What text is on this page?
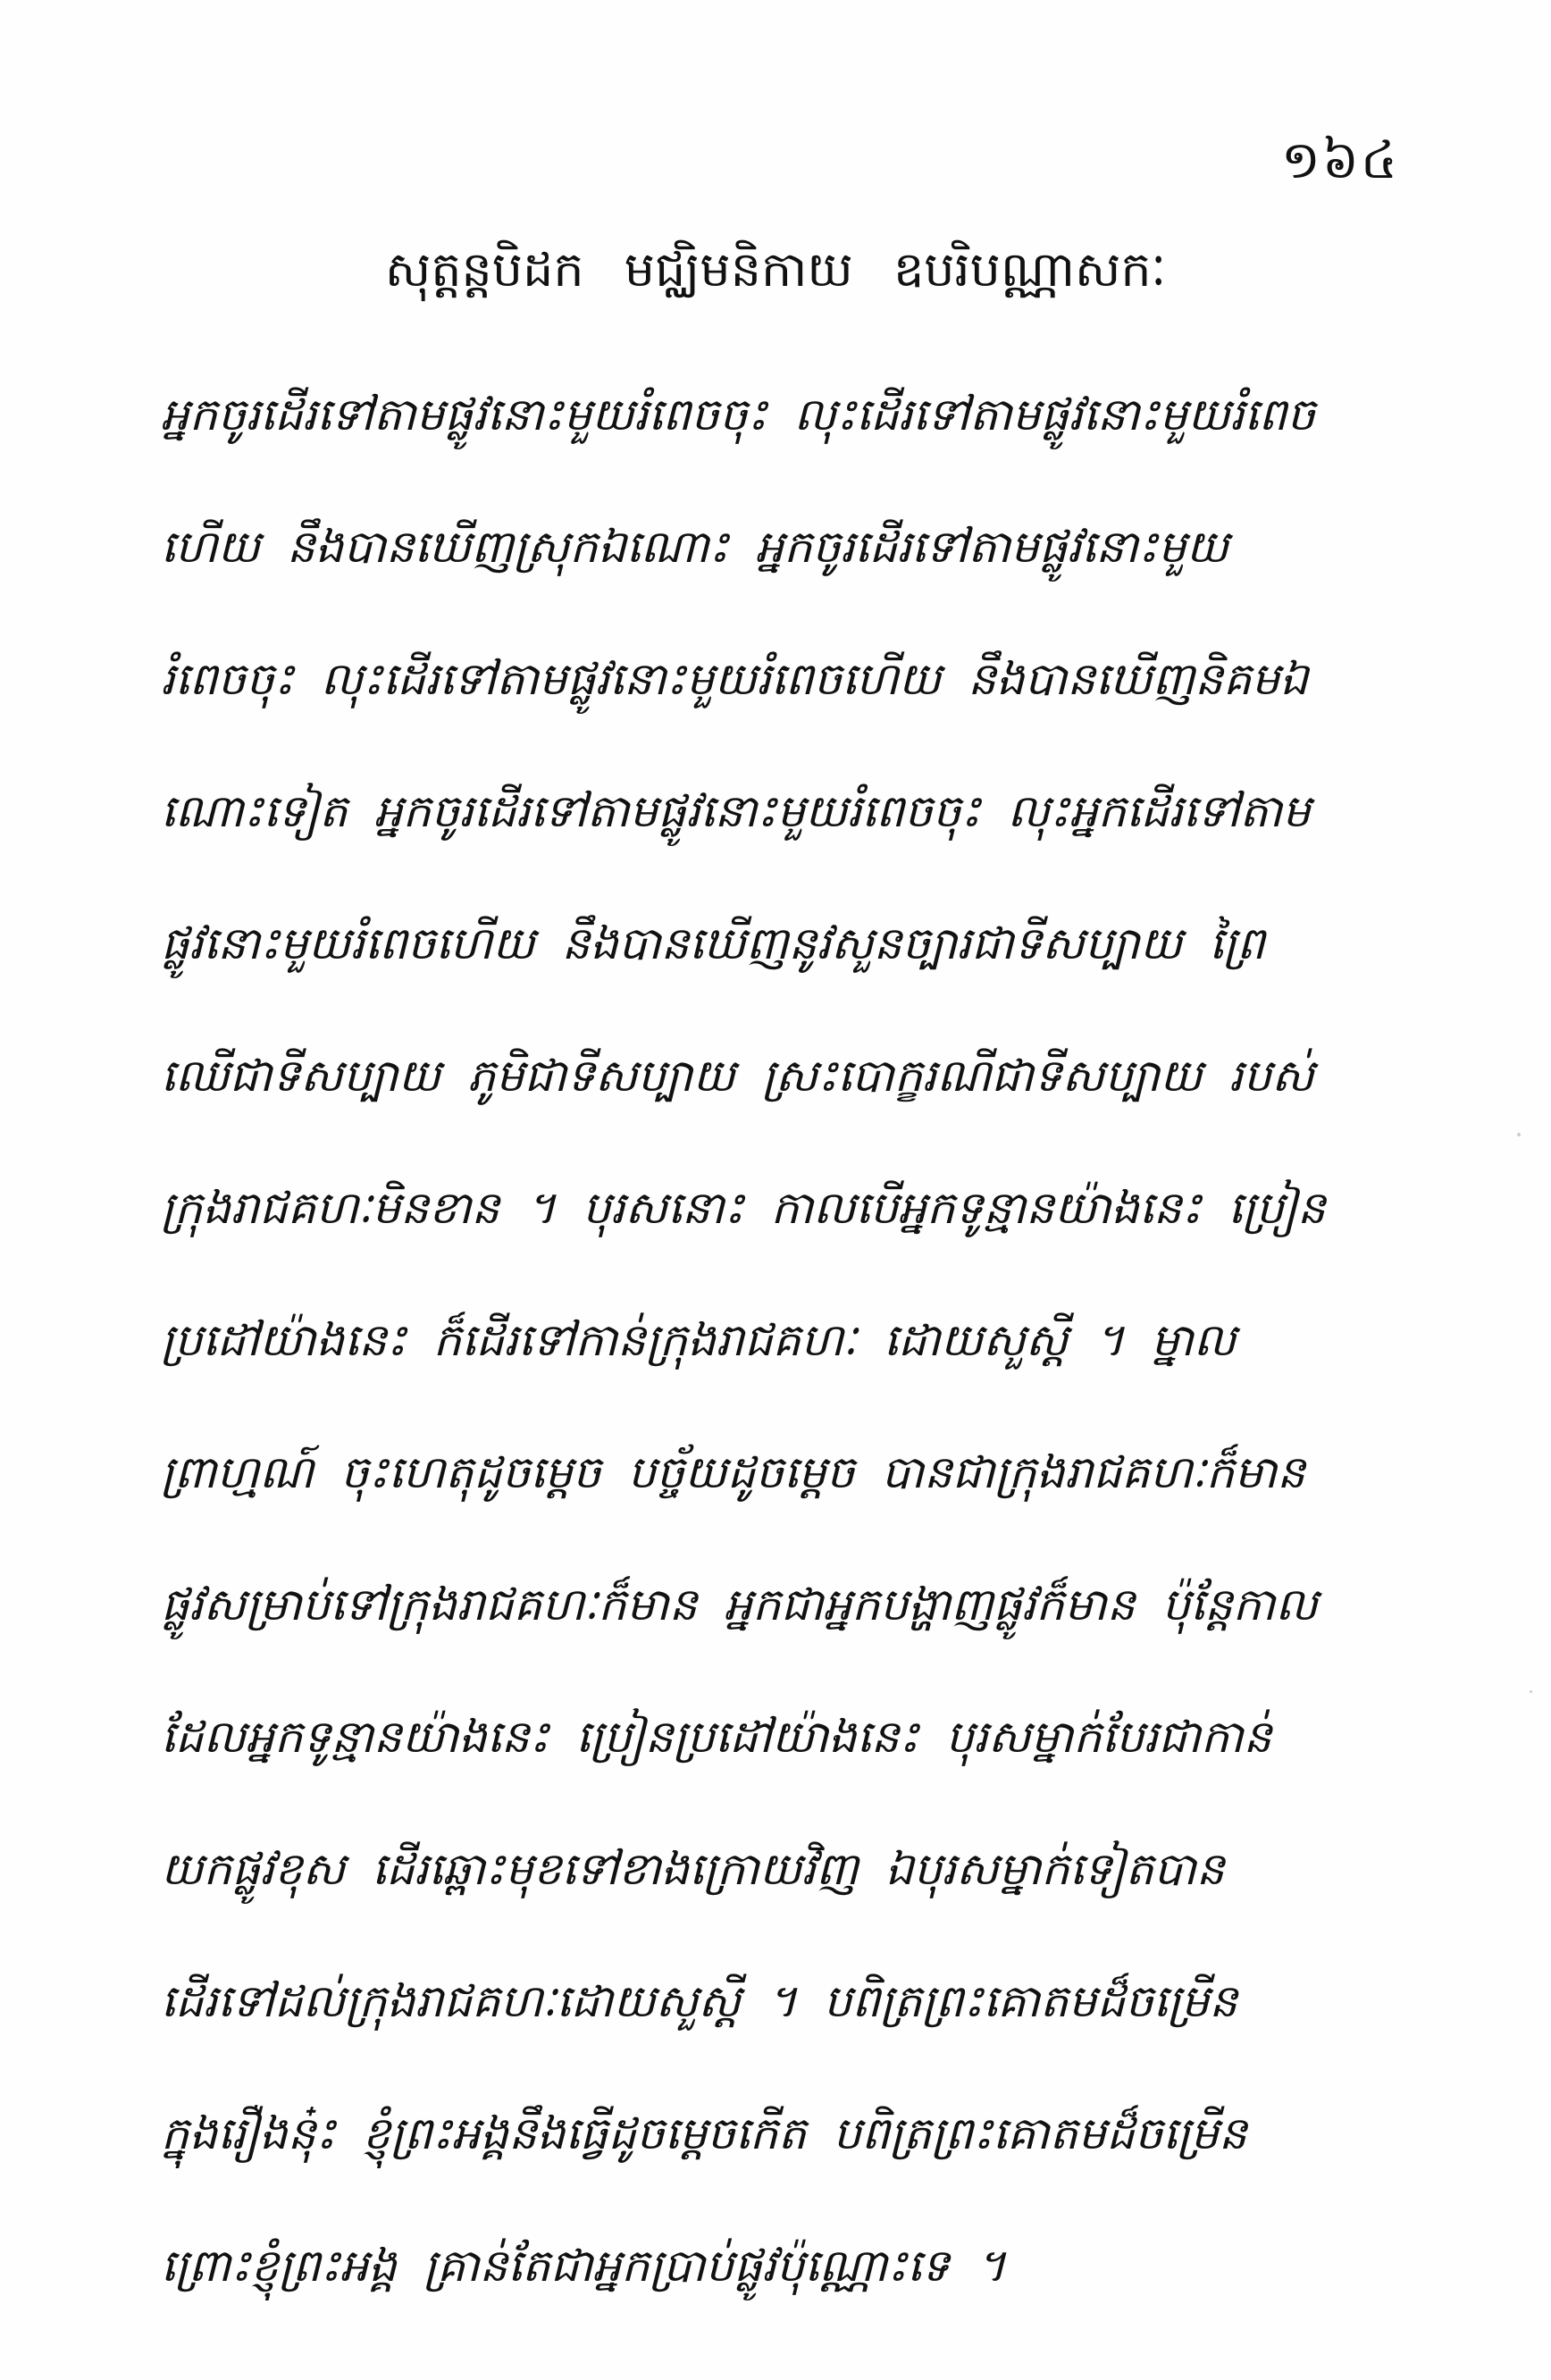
១៦៤
សុត្តន្តបិដក មជ្ឈិមនិកាយ ឧបរិបណ្ណាសកៈ
អ្នកចូរដើរទៅតាមផ្លូវនោះមួយរំពេចចុះ លុះដើរទៅតាមផ្លូវនោះមួយរំពេច
ហើយ នឹងបានឃើញស្រុកឯណោះ អ្នកចូរដើរទៅតាមផ្លូវនោះមួយ
រំពេចចុះ លុះដើរទៅតាមផ្លូវនោះមួយរំពេចហើយ នឹងបានឃើញនិគមឯ
ណោះទៀត អ្នកចូរដើរទៅតាមផ្លូវនោះមួយរំពេចចុះ លុះអ្នកដើរទៅតាម
ផ្លូវនោះមួយរំពេចហើយ នឹងបានឃើញនូវសួនច្បារជាទីសប្បាយ ព្រៃ
ឈើជាទីសប្បាយ ភូមិជាទីសប្បាយ ស្រះបោក្ខរណីជាទីសប្បាយ របស់
ក្រុងរាជគហៈមិនខាន ។ បុរសនោះ កាលបើអ្នកទូន្មានយ៉ាងនេះ ប្រៀន
ប្រដៅយ៉ាងនេះ ក៏ដើរទៅកាន់ក្រុងរាជគហៈ ដោយសួស្តី ។ ម្នាល
ព្រាហ្មណ៍ ចុះហេតុដូចម្តេច បច្ច័យដូចម្តេច បានជាក្រុងរាជគហៈក៏មាន
ផ្លូវសម្រាប់ទៅក្រុងរាជគហៈក៏មាន អ្នកជាអ្នកបង្ហាញផ្លូវក៏មាន ប៉ុន្តែកាល
ដែលអ្នកទូន្មានយ៉ាងនេះ ប្រៀនប្រដៅយ៉ាងនេះ បុរសម្នាក់បែរជាកាន់
យកផ្លូវខុស ដើរឆ្ពោះមុខទៅខាងក្រោយវិញ ឯបុរសម្នាក់ទៀតបាន
ដើរទៅដល់ក្រុងរាជគហៈដោយសួស្តី ។ បពិត្រព្រះគោតមដ៏ចម្រើន
ក្នុងរឿងនុ៎ះ ខ្ញុំព្រះអង្គនឹងធ្វើដូចម្តេចកើត បពិត្រព្រះគោតមដ៏ចម្រើន
ព្រោះខ្ញុំព្រះអង្គ គ្រាន់តែជាអ្នកប្រាប់ផ្លូវប៉ុណ្ណោះទេ ។
